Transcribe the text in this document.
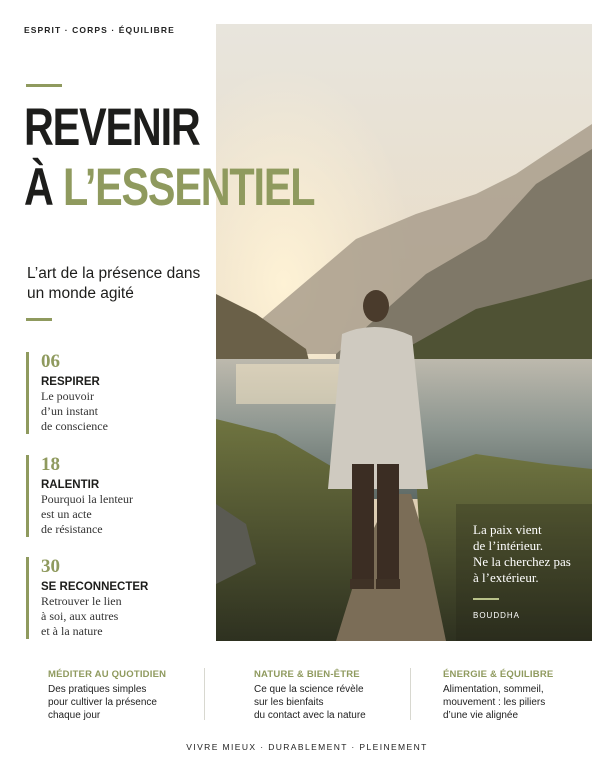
ESPRIT · CORPS · ÉQUILIBRE
REVENIR
À L’ESSENTIEL
L’art de la présence dans un monde agité
06
RESPIRER
Le pouvoir
d’un instant
de conscience
18
RALENTIR
Pourquoi la lenteur
est un acte
de résistance
30
SE RECONNECTER
Retrouver le lien
à soi, aux autres
et à la nature
La paix vient
de l’intérieur.
Ne la cherchez pas
à l’extérieur.
BOUDDHA
MÉDITER AU QUOTIDIEN
Des pratiques simples
pour cultiver la présence
chaque jour
NATURE & BIEN-ÊTRE
Ce que la science révèle
sur les bienfaits
du contact avec la nature
ÉNERGIE & ÉQUILIBRE
Alimentation, sommeil,
mouvement : les piliers
d’une vie alignée
VIVRE MIEUX · DURABLEMENT · PLEINEMENT
